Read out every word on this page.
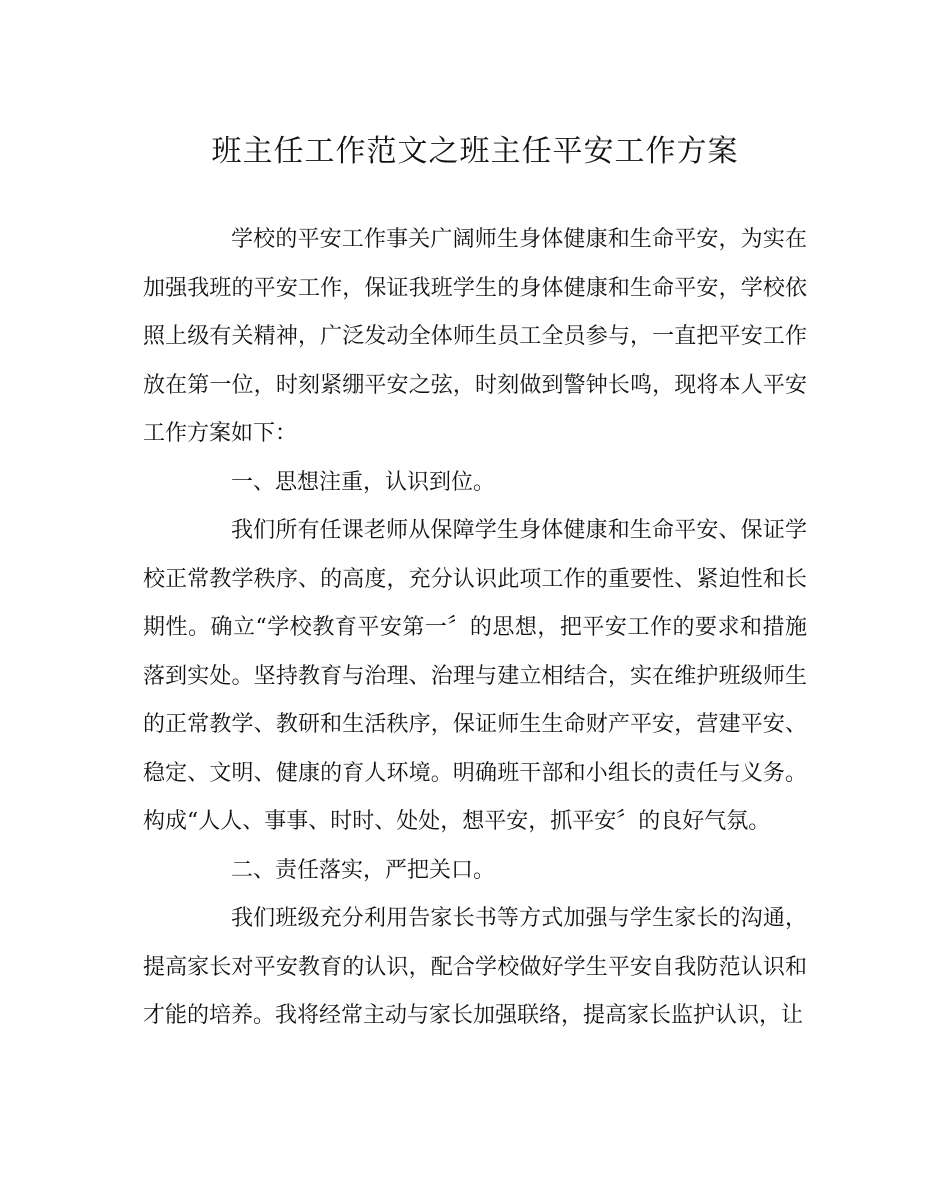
班主任工作范文之班主任平安工作方案

学校的平安工作事关广阔师生身体健康和生命平安，为实在加强我班的平安工作，保证我班学生的身体健康和生命平安，学校依照上级有关精神，广泛发动全体师生员工全员参与，一直把平安工作放在第一位，时刻紧绷平安之弦，时刻做到警钟长鸣，现将本人平安工作方案如下：

一、思想注重，认识到位。

我们所有任课老师从保障学生身体健康和生命平安、保证学校正常教学秩序、的高度，充分认识此项工作的重要性、紧迫性和长期性。确立“学校教育平安第一〞的思想，把平安工作的要求和措施落到实处。坚持教育与治理、治理与建立相结合，实在维护班级师生的正常教学、教研和生活秩序，保证师生生命财产平安，营建平安、稳定、文明、健康的育人环境。明确班干部和小组长的责任与义务。构成“人人、事事、时时、处处，想平安，抓平安〞的良好气氛。

二、责任落实，严把关口。

我们班级充分利用告家长书等方式加强与学生家长的沟通，提高家长对平安教育的认识，配合学校做好学生平安自我防范认识和才能的培养。我将经常主动与家长加强联络，提高家长监护认识，让
